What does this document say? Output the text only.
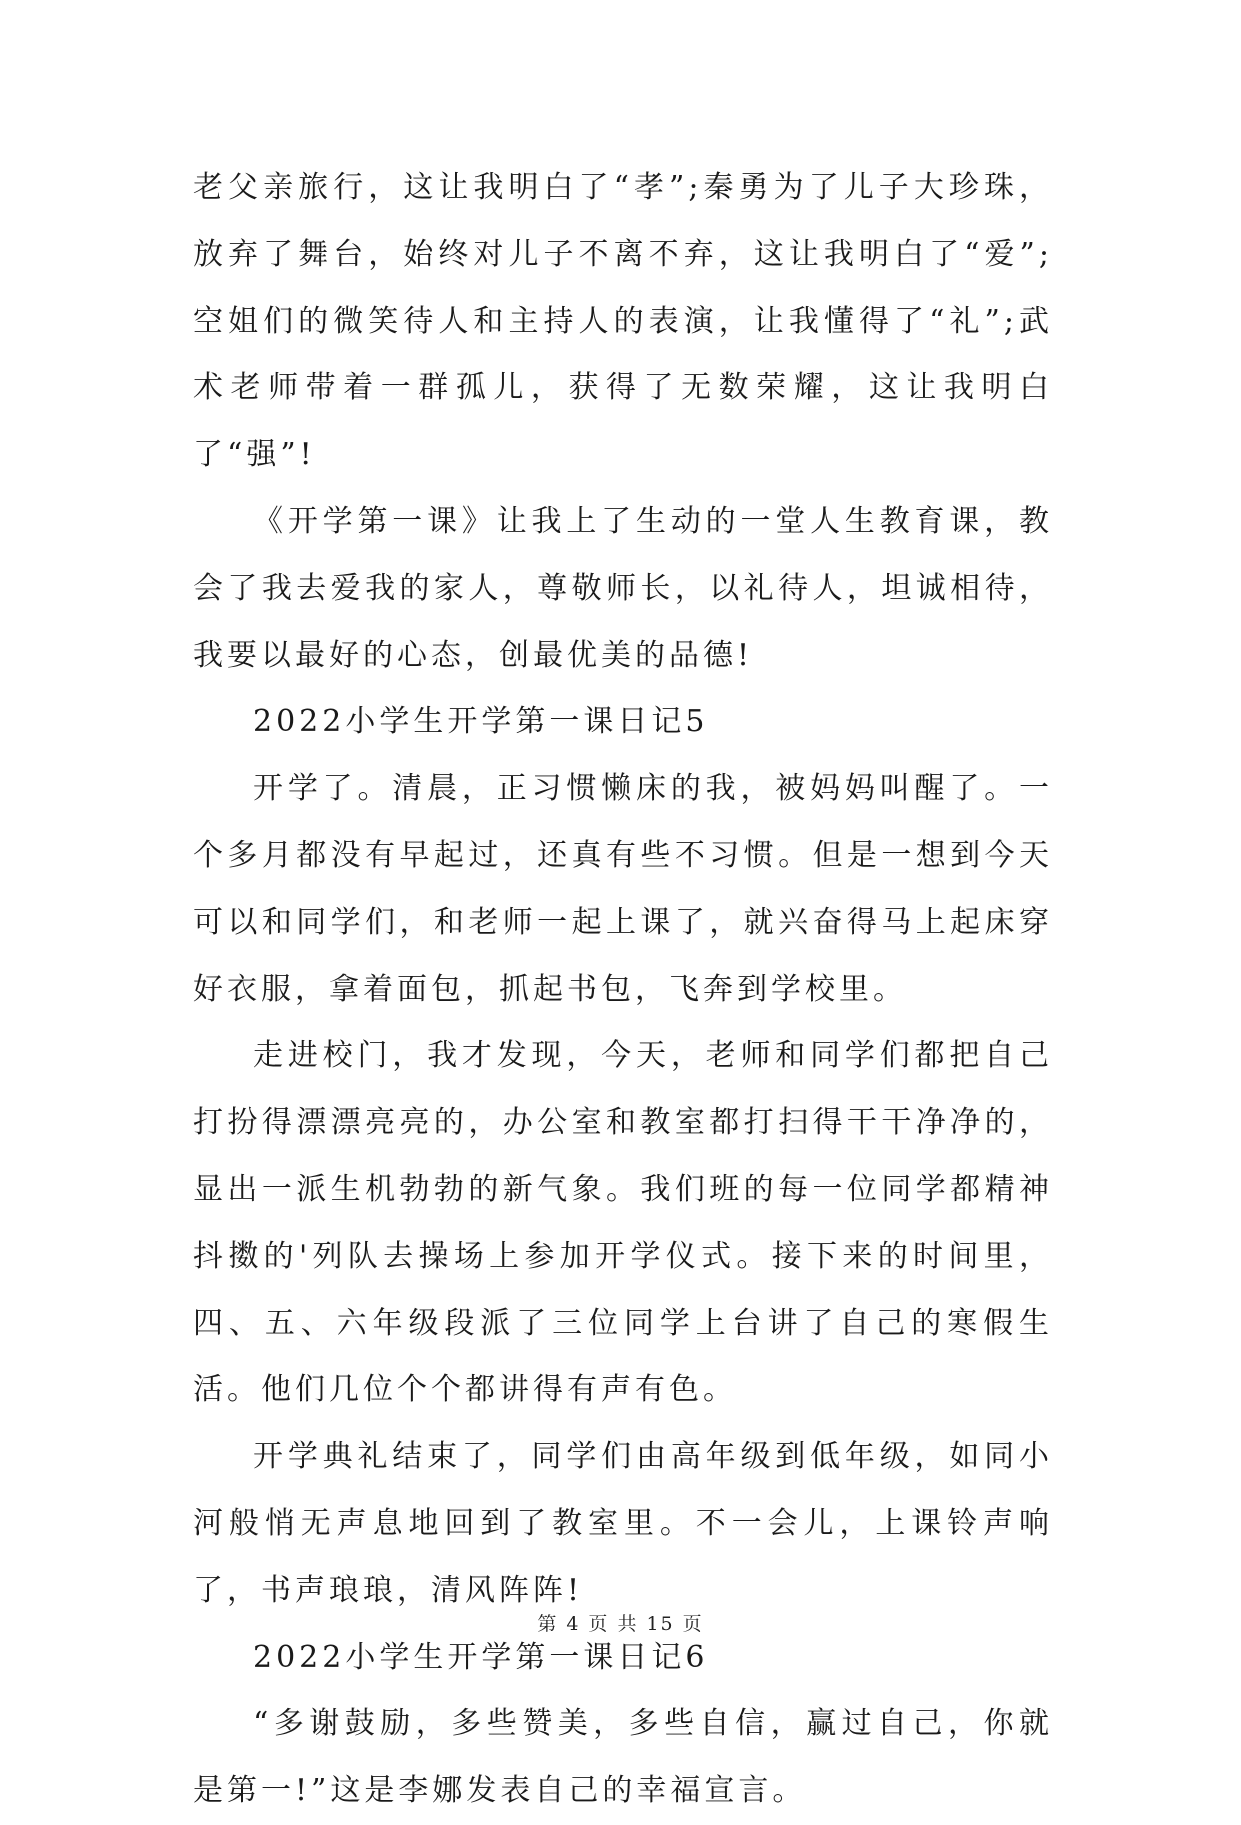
老父亲旅行，这让我明白了“孝”;秦勇为了儿子大珍珠，放弃了舞台，始终对儿子不离不弃，这让我明白了“爱”;空姐们的微笑待人和主持人的表演，让我懂得了“礼”;武术老师带着一群孤儿，获得了无数荣耀，这让我明白了“强”!

《开学第一课》让我上了生动的一堂人生教育课，教会了我去爱我的家人，尊敬师长，以礼待人，坦诚相待，我要以最好的心态，创最优美的品德!

2022小学生开学第一课日记5

开学了。清晨，正习惯懒床的我，被妈妈叫醒了。一个多月都没有早起过，还真有些不习惯。但是一想到今天可以和同学们，和老师一起上课了，就兴奋得马上起床穿好衣服，拿着面包，抓起书包，飞奔到学校里。

走进校门，我才发现，今天，老师和同学们都把自己打扮得漂漂亮亮的，办公室和教室都打扫得干干净净的，显出一派生机勃勃的新气象。我们班的每一位同学都精神抖擞的'列队去操场上参加开学仪式。接下来的时间里，四、五、六年级段派了三位同学上台讲了自己的寒假生活。他们几位个个都讲得有声有色。

开学典礼结束了，同学们由高年级到低年级，如同小河般悄无声息地回到了教室里。不一会儿，上课铃声响了，书声琅琅，清风阵阵!

2022小学生开学第一课日记6

“多谢鼓励，多些赞美，多些自信，赢过自己，你就是第一!”这是李娜发表自己的幸福宣言。

第 4 页 共 15 页
